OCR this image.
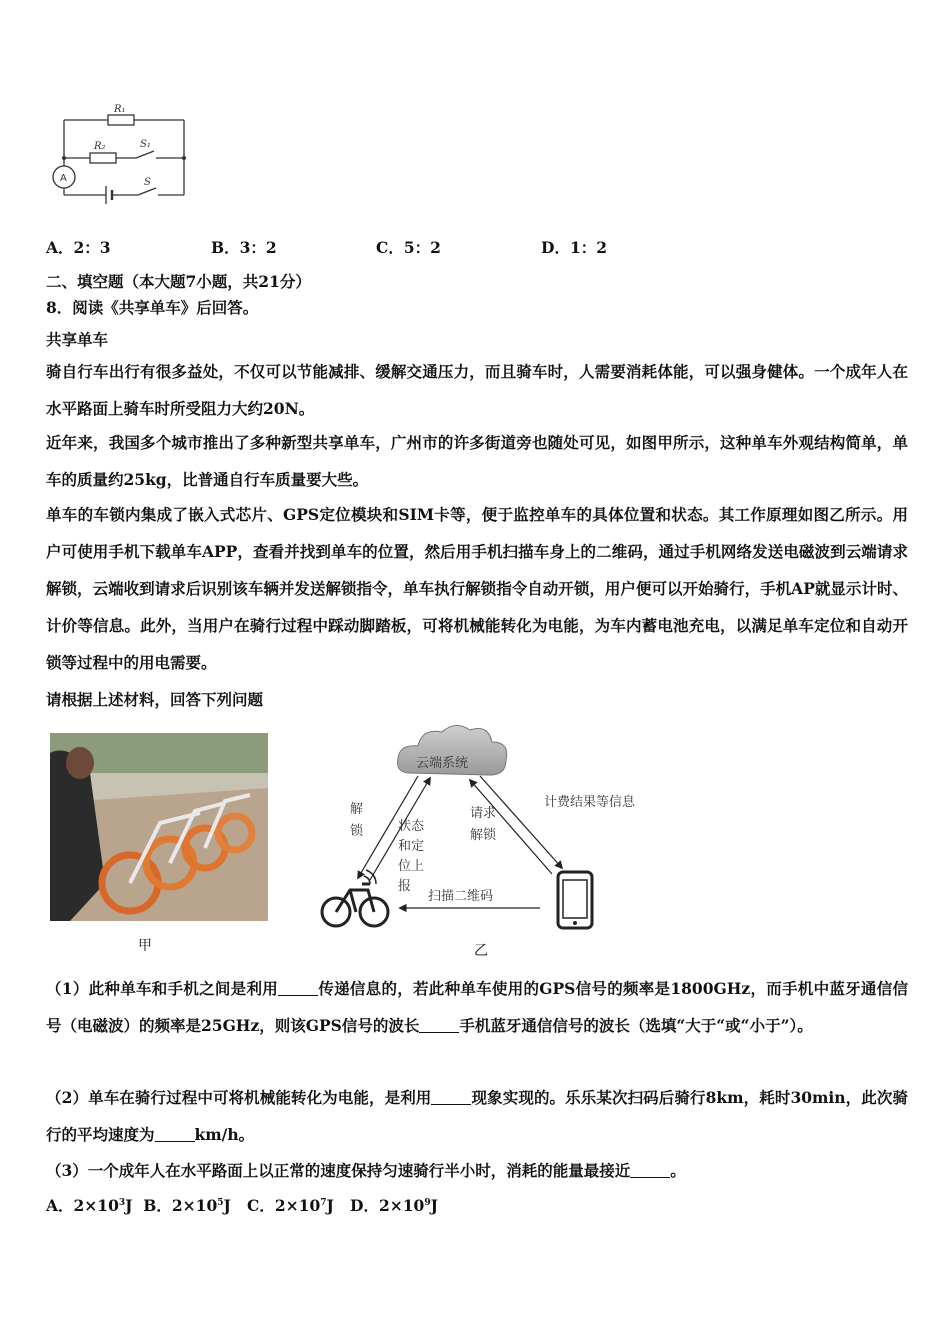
R₁
R₂	S₁
S
A
A．2：3	B．3：2	C．5：2	D．1：2
二、填空题（本大题7小题，共21分）
8．阅读《共享单车》后回答。
共享单车
骑自行车出行有很多益处，不仅可以节能减排、缓解交通压力，而且骑车时，人需要消耗体能，可以强身健体。一个成年人在水平路面上骑车时所受阻力大约20N。
近年来，我国多个城市推出了多种新型共享单车，广州市的许多街道旁也随处可见，如图甲所示，这种单车外观结构简单，单车的质量约25kg，比普通自行车质量要大些。
单车的车锁内集成了嵌入式芯片、GPS定位模块和SIM卡等，便于监控单车的具体位置和状态。其工作原理如图乙所示。用户可使用手机下载单车APP，查看并找到单车的位置，然后用手机扫描车身上的二维码，通过手机网络发送电磁波到云端请求解锁，云端收到请求后识别该车辆并发送解锁指令，单车执行解锁指令自动开锁，用户便可以开始骑行，手机AP就显示计时、计价等信息。此外，当用户在骑行过程中踩动脚踏板，可将机械能转化为电能，为车内蓄电池充电，以满足单车定位和自动开锁等过程中的用电需要。
请根据上述材料，回答下列问题
甲
云端系统
解
锁	状态
和定
位上
报
请求
解锁
计费结果等信息
扫描二维码
乙
（1）此种单车和手机之间是利用	传递信息的，若此种单车使用的GPS信号的频率是1800GHz，而手机中蓝牙通信信号（电磁波）的频率是25GHz，则该GPS信号的波长	手机蓝牙通信信号的波长（选填“大于“或“小于”）。
（2）单车在骑行过程中可将机械能转化为电能，是利用	现象实现的。乐乐某次扫码后骑行8km，耗时30min，此次骑行的平均速度为	km/h。
（3）一个成年人在水平路面上以正常的速度保持匀速骑行半小时，消耗的能量最接近	。
A．$2\times 10^3J$ B．$2\times 10^5J$ C．$2\times 10^7J$ D．$2\times 10^9J$
